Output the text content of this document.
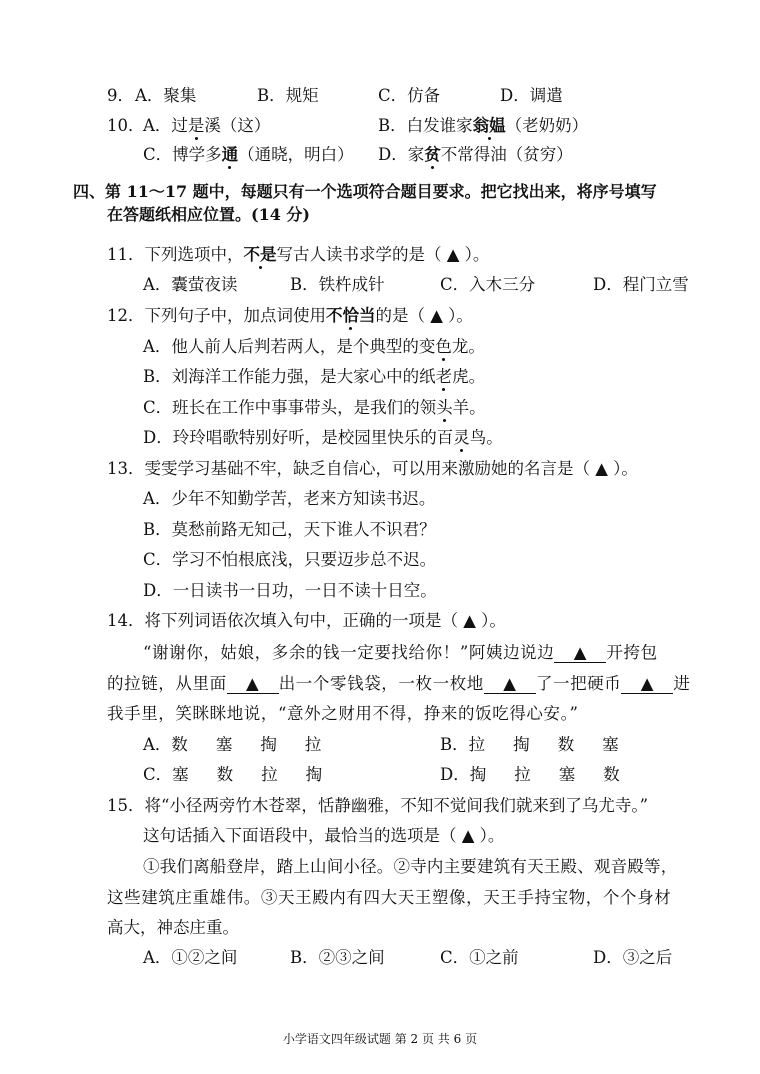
9． A．聚集	B．规矩	C．仿备	D．调遣
10．
A．过是溪（这）	B．白发谁家翁媪（老奶奶）
C．博学多通（通晓，明白） D．家贫不常得油（贫穷）
四、第 11～17 题中，每题只有一个选项符合题目要求。把它找出来，将序号填写
在答题纸相应位置。(14 分)
11．下列选项中，不是写古人读书求学的是（ ▲ ）。
A．囊萤夜读	B．铁杵成针	C．入木三分	D．程门立雪
12．下列句子中，加点词使用不恰当的是（ ▲ ）。
A．他人前人后判若两人，是个典型的变色龙。
B．刘海洋工作能力强，是大家心中的纸老虎。
C．班长在工作中事事带头，是我们的领头羊。
D．玲玲唱歌特别好听，是校园里快乐的百灵鸟。
13．雯雯学习基础不牢，缺乏自信心，可以用来激励她的名言是（ ▲ ）。
A．少年不知勤学苦，老来方知读书迟。
B．莫愁前路无知己，天下谁人不识君？
C．学习不怕根底浅，只要迈步总不迟。
D．一日读书一日功，一日不读十日空。
14．将下列词语依次填入句中，正确的一项是（ ▲ ）。
“谢谢你，姑娘，多余的钱一定要找给你！”阿姨边说边 ▲ 开挎包
的拉链，从里面 ▲ 出一个零钱袋，一枚一枚地 ▲ 了一把硬币 ▲ 进
我手里，笑眯眯地说，“意外之财用不得，挣来的饭吃得心安。”
A．数 塞 掏 拉	B．拉 掏 数 塞
C．塞 数 拉 掏	D．掏 拉 塞 数
15．将“小径两旁竹木苍翠，恬静幽雅，不知不觉间我们就来到了乌尤寺。”
这句话插入下面语段中，最恰当的选项是（ ▲ ）。
①我们离船登岸，踏上山间小径。②寺内主要建筑有天王殿、观音殿等，
这些建筑庄重雄伟。③天王殿内有四大天王塑像，天王手持宝物，个个身材
高大，神态庄重。
A．①②之间	B．②③之间	C．①之前	D．③之后
小学语文四年级试题 第 2 页 共 6 页
